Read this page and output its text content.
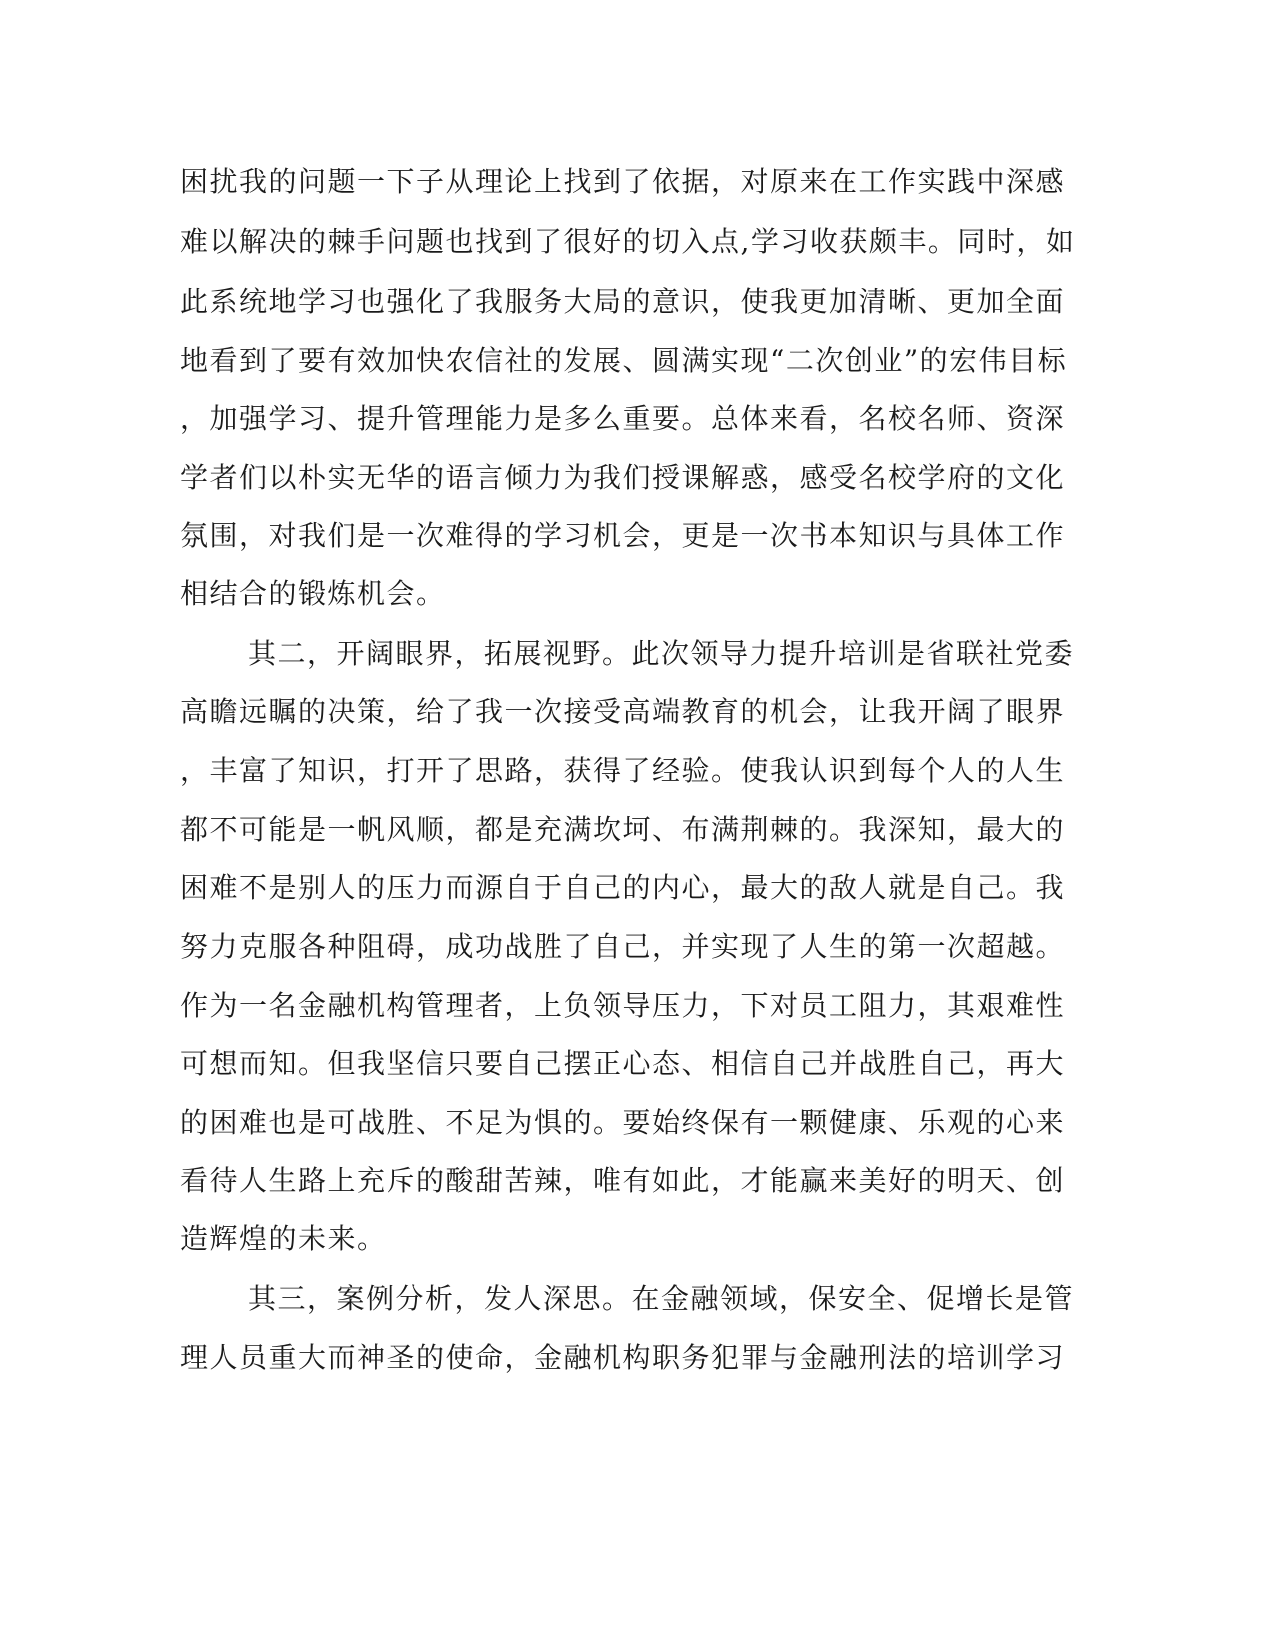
困扰我的问题一下子从理论上找到了依据，对原来在工作实践中深感
难以解决的棘手问题也找到了很好的切入点,学习收获颇丰。同时，如
此系统地学习也强化了我服务大局的意识，使我更加清晰、更加全面
地看到了要有效加快农信社的发展、圆满实现“二次创业”的宏伟目标
，加强学习、提升管理能力是多么重要。总体来看，名校名师、资深
学者们以朴实无华的语言倾力为我们授课解惑，感受名校学府的文化
氛围，对我们是一次难得的学习机会，更是一次书本知识与具体工作
相结合的锻炼机会。
其二，开阔眼界，拓展视野。此次领导力提升培训是省联社党委
高瞻远瞩的决策，给了我一次接受高端教育的机会，让我开阔了眼界
，丰富了知识，打开了思路，获得了经验。使我认识到每个人的人生
都不可能是一帆风顺，都是充满坎坷、布满荆棘的。我深知，最大的
困难不是别人的压力而源自于自己的内心，最大的敌人就是自己。我
努力克服各种阻碍，成功战胜了自己，并实现了人生的第一次超越。
作为一名金融机构管理者，上负领导压力，下对员工阻力，其艰难性
可想而知。但我坚信只要自己摆正心态、相信自己并战胜自己，再大
的困难也是可战胜、不足为惧的。要始终保有一颗健康、乐观的心来
看待人生路上充斥的酸甜苦辣，唯有如此，才能赢来美好的明天、创
造辉煌的未来。
其三，案例分析，发人深思。在金融领域，保安全、促增长是管
理人员重大而神圣的使命，金融机构职务犯罪与金融刑法的培训学习
